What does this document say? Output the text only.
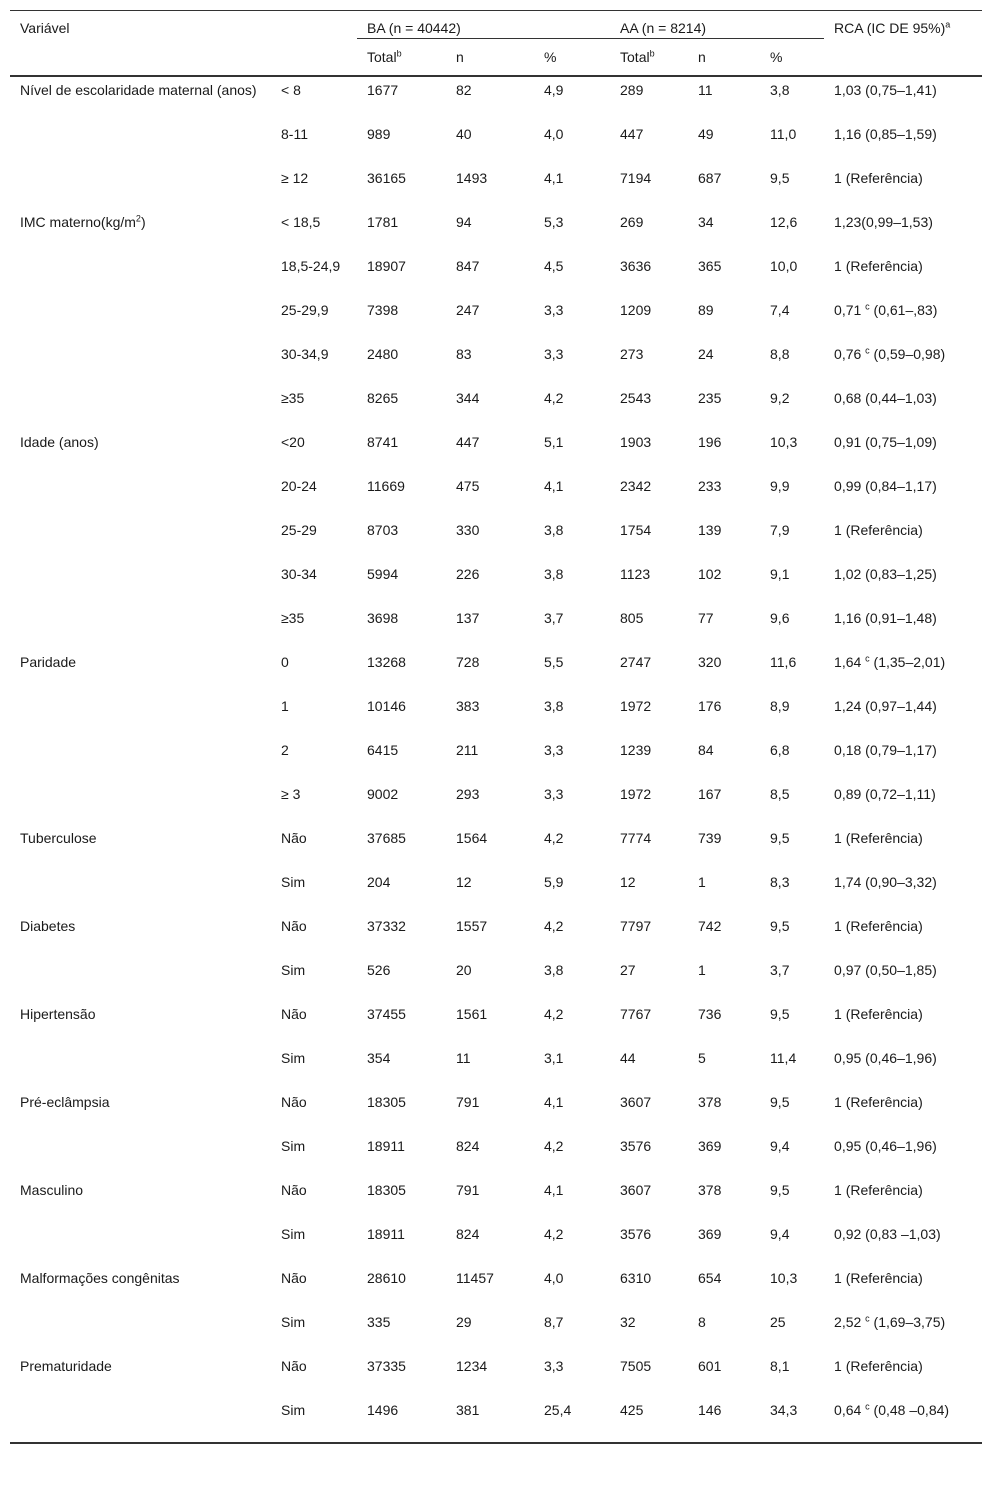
Variável		BA (n = 40442)			AA (n = 8214)			RCA (IC DE 95%)$^a$
		Total$^b$	n	%	Total$^b$	n	%	
Nível de escolaridade maternal (anos)	< 8	1677	82	4,9	289	11	3,8	1,03 (0,75–1,41)
	8-11	989	40	4,0	447	49	11,0	1,16 (0,85–1,59)
	≥ 12	36165	1493	4,1	7194	687	9,5	1 (Referência)
IMC $materno(kg/m^2)$	< 18,5	1781	94	5,3	269	34	12,6	1,23(0,99–1,53)
	18,5-24,9	18907	847	4,5	3636	365	10,0	1 (Referência)
	25-29,9	7398	247	3,3	1209	89	7,4	0,71 $^c$ (0,61–,83)
	30-34,9	2480	83	3,3	273	24	8,8	0,76 $^c$ (0,59–0,98)
	≥35	8265	344	4,2	2543	235	9,2	0,68 (0,44–1,03)
Idade (anos)	<20	8741	447	5,1	1903	196	10,3	0,91 (0,75–1,09)
	20-24	11669	475	4,1	2342	233	9,9	0,99 (0,84–1,17)
	25-29	8703	330	3,8	1754	139	7,9	1 (Referência)
	30-34	5994	226	3,8	1123	102	9,1	1,02 (0,83–1,25)
	≥35	3698	137	3,7	805	77	9,6	1,16 (0,91–1,48)
Paridade	0	13268	728	5,5	2747	320	11,6	1,64 $^c$ (1,35–2,01)
	1	10146	383	3,8	1972	176	8,9	1,24 (0,97–1,44)
	2	6415	211	3,3	1239	84	6,8	0,18 (0,79–1,17)
	≥ 3	9002	293	3,3	1972	167	8,5	0,89 (0,72–1,11)
Tuberculose	Não	37685	1564	4,2	7774	739	9,5	1 (Referência)
	Sim	204	12	5,9	12	1	8,3	1,74 (0,90–3,32)
Diabetes	Não	37332	1557	4,2	7797	742	9,5	1 (Referência)
	Sim	526	20	3,8	27	1	3,7	0,97 (0,50–1,85)
Hipertensão	Não	37455	1561	4,2	7767	736	9,5	1 (Referência)
	Sim	354	11	3,1	44	5	11,4	0,95 (0,46–1,96)
Pré-eclâmpsia	Não	18305	791	4,1	3607	378	9,5	1 (Referência)
	Sim	18911	824	4,2	3576	369	9,4	0,95 (0,46–1,96)
Masculino	Não	18305	791	4,1	3607	378	9,5	1 (Referência)
	Sim	18911	824	4,2	3576	369	9,4	0,92 (0,83 –1,03)
Malformações congênitas	Não	28610	11457	4,0	6310	654	10,3	1 (Referência)
	Sim	335	29	8,7	32	8	25	2,52 $^c$ (1,69–3,75)
Prematuridade	Não	37335	1234	3,3	7505	601	8,1	1 (Referência)
	Sim	1496	381	25,4	425	146	34,3	0,64 $^c$ (0,48 –0,84)
